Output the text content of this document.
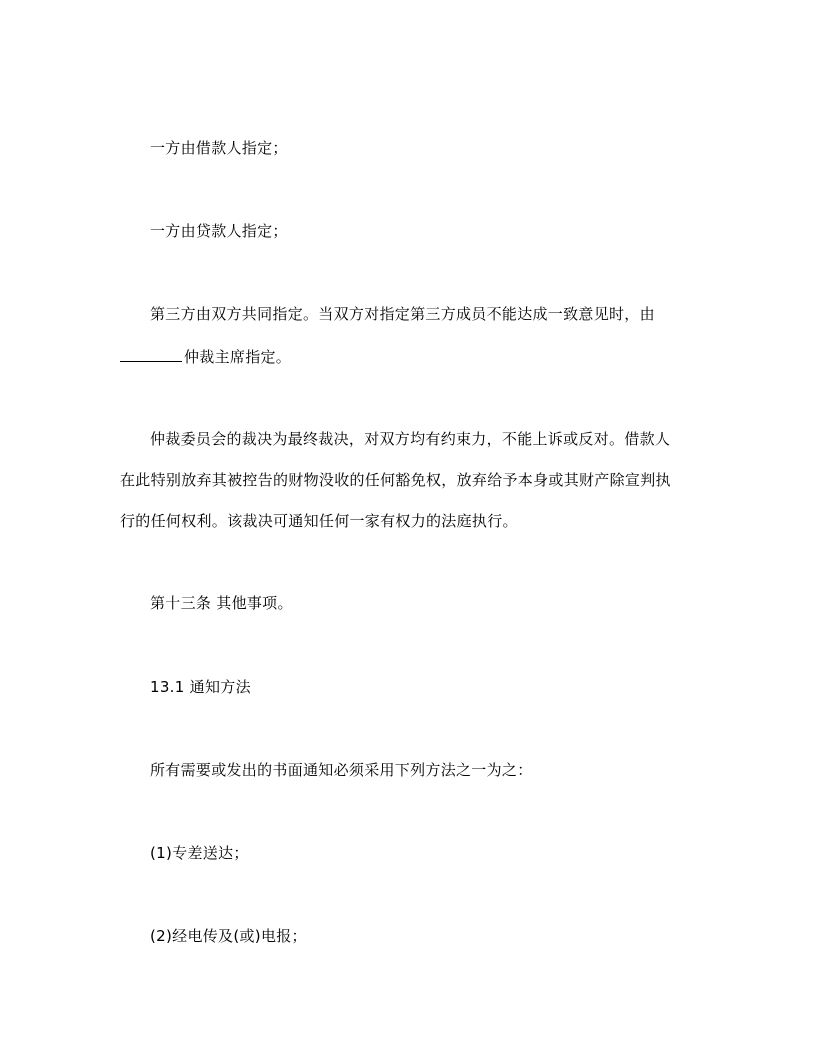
一方由借款人指定；
一方由贷款人指定；
第三方由双方共同指定。当双方对指定第三方成员不能达成一致意见时，由
仲裁主席指定。
仲裁委员会的裁决为最终裁决，对双方均有约束力，不能上诉或反对。借款人
在此特别放弃其被控告的财物没收的任何豁免权，放弃给予本身或其财产除宣判执
行的任何权利。该裁决可通知任何一家有权力的法庭执行。
第十三条 其他事项。
13.1 通知方法
所有需要或发出的书面通知必须采用下列方法之一为之：
(1)专差送达；
(2)经电传及(或)电报；
